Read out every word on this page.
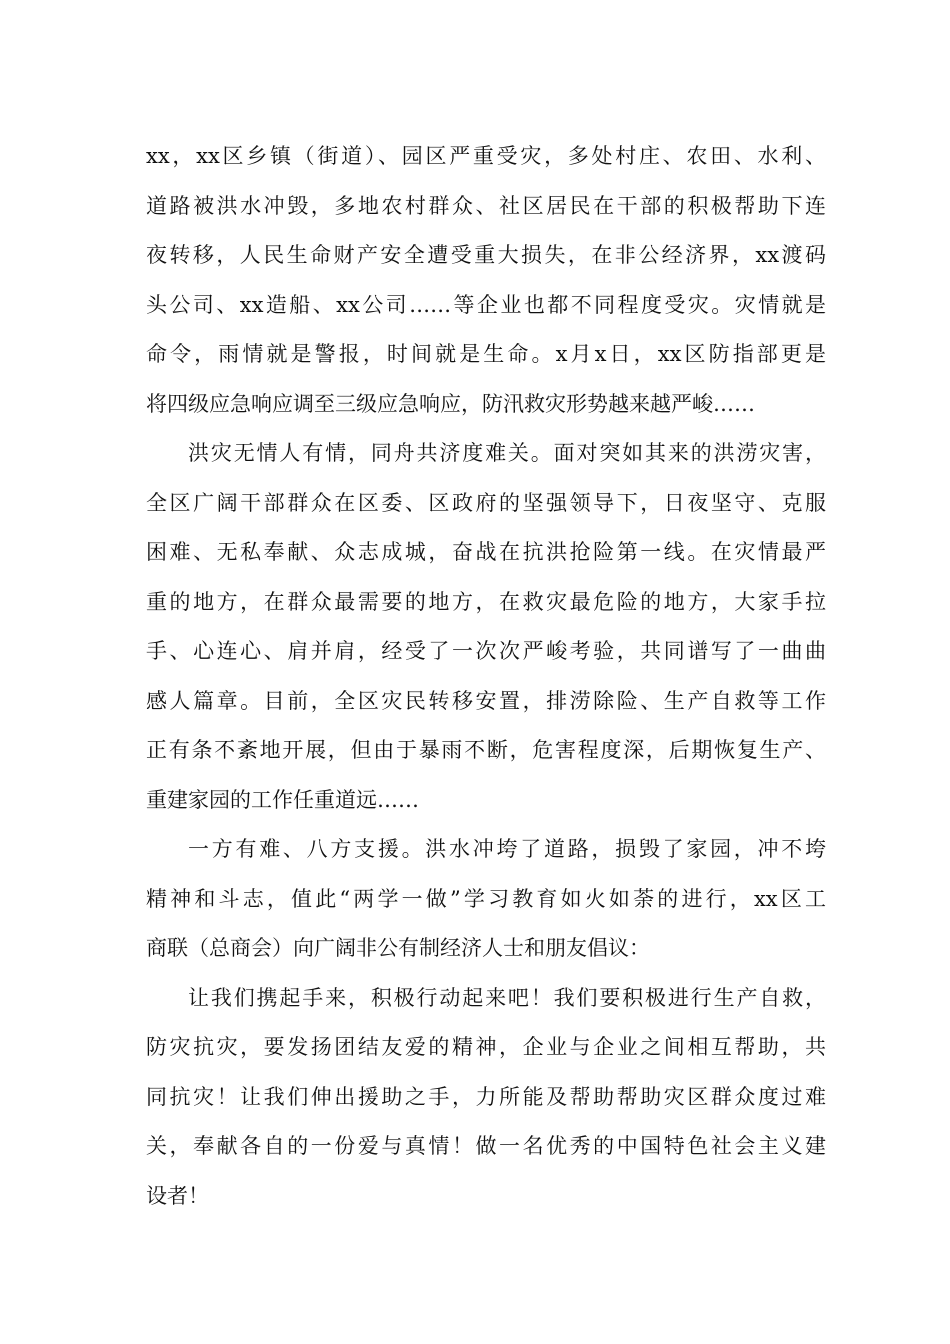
xx，xx区乡镇（街道）、园区严重受灾，多处村庄、农田、水利、
道路被洪水冲毁，多地农村群众、社区居民在干部的积极帮助下连
夜转移，人民生命财产安全遭受重大损失，在非公经济界，xx渡码
头公司、xx造船、xx公司……等企业也都不同程度受灾。灾情就是
命令，雨情就是警报，时间就是生命。x月x日，xx区防指部更是
将四级应急响应调至三级应急响应，防汛救灾形势越来越严峻……
洪灾无情人有情，同舟共济度难关。面对突如其来的洪涝灾害，
全区广阔干部群众在区委、区政府的坚强领导下，日夜坚守、克服
困难、无私奉献、众志成城，奋战在抗洪抢险第一线。在灾情最严
重的地方，在群众最需要的地方，在救灾最危险的地方，大家手拉
手、心连心、肩并肩，经受了一次次严峻考验，共同谱写了一曲曲
感人篇章。目前，全区灾民转移安置，排涝除险、生产自救等工作
正有条不紊地开展，但由于暴雨不断，危害程度深，后期恢复生产、
重建家园的工作任重道远……
一方有难、八方支援。洪水冲垮了道路，损毁了家园，冲不垮
精神和斗志，值此“两学一做”学习教育如火如荼的进行，xx区工
商联（总商会）向广阔非公有制经济人士和朋友倡议：
让我们携起手来，积极行动起来吧！我们要积极进行生产自救，
防灾抗灾，要发扬团结友爱的精神，企业与企业之间相互帮助，共
同抗灾！让我们伸出援助之手，力所能及帮助帮助灾区群众度过难
关，奉献各自的一份爱与真情！做一名优秀的中国特色社会主义建
设者！
